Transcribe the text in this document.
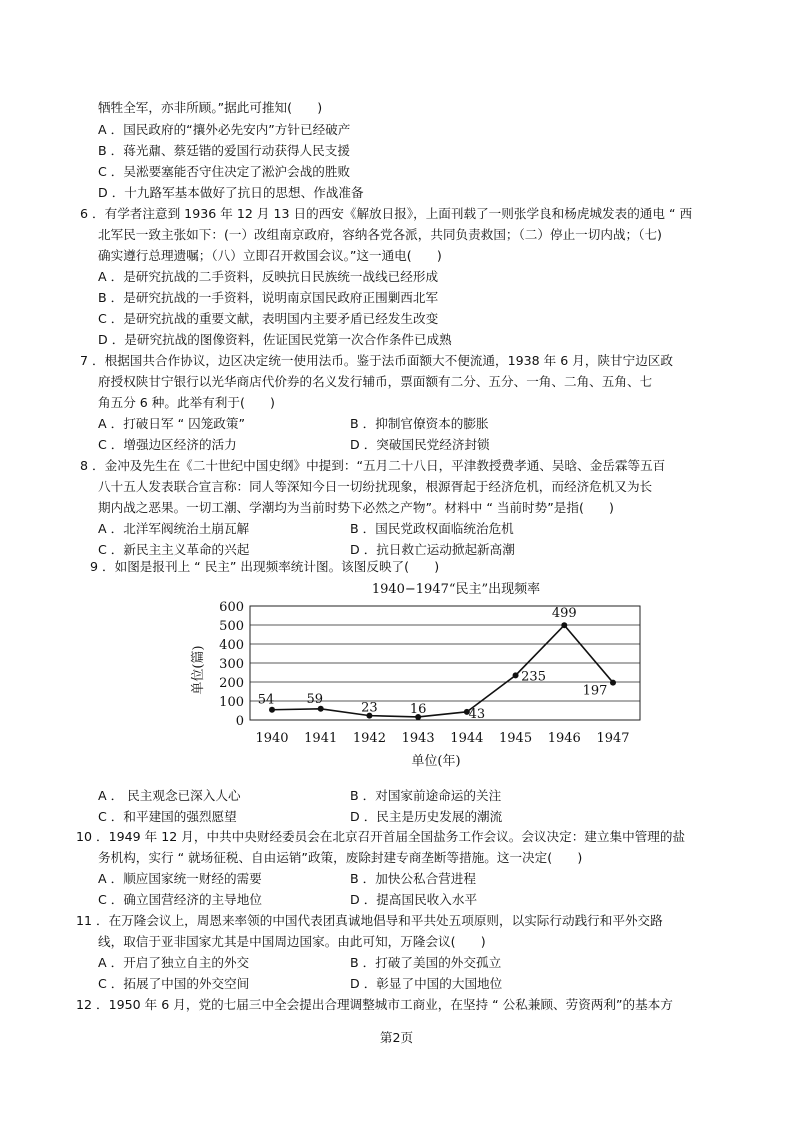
牺牲全军，亦非所顾。”据此可推知(　　)
A ．国民政府的“攘外必先安内”方针已经破产
B ．蒋光鼐、蔡廷锴的爱国行动获得人民支援
C ．吴淞要塞能否守住决定了淞沪会战的胜败
D ．十九路军基本做好了抗日的思想、作战准备
6 ．有学者注意到 1936 年 12 月 13 日的西安《解放日报》，上面刊载了一则张学良和杨虎城发表的通电 “ 西
北军民一致主张如下：(一）改组南京政府，容纳各党各派，共同负责救国；（二）停止一切内战；（七)
确实遵行总理遗嘱；（八）立即召开救国会议。”这一通电(　　)
A ．是研究抗战的二手资料，反映抗日民族统一战线已经形成
B ．是研究抗战的一手资料，说明南京国民政府正围剿西北军
C ．是研究抗战的重要文献，表明国内主要矛盾已经发生改变
D ．是研究抗战的图像资料，佐证国民党第一次合作条件已成熟
7 ．根据国共合作协议，边区决定统一使用法币。鉴于法币面额大不便流通，1938 年 6 月，陕甘宁边区政
府授权陕甘宁银行以光华商店代价券的名义发行辅币，票面额有二分、五分、一角、二角、五角、七
角五分 6 种。此举有利于(　　)
A ．打破日军 “ 囚笼政策”	B ．抑制官僚资本的膨胀
C ．增强边区经济的活力	D ．突破国民党经济封锁
8 ．金冲及先生在《二十世纪中国史纲》中提到：“五月二十八日，平津教授费孝通、吴晗、金岳霖等五百
八十五人发表联合宣言称：同人等深知今日一切纷扰现象，根源胥起于经济危机，而经济危机又为长
期内战之恶果。一切工潮、学潮均为当前时势下必然之产物”。材料中 “ 当前时势”是指(　　)
A ．北洋军阀统治土崩瓦解	B ．国民党政权面临统治危机
C ．新民主主义革命的兴起	D ．抗日救亡运动掀起新高潮
9 ．如图是报刊上 “ 民主” 出现频率统计图。该图反映了(　　)
1940−1947“民主”出现频率
0
100
200
300
400
500
600
1940 1941 1942 1943 1944 1945 1946 1947
54 59
23 16	43
235
499
197
单位(篇)
单位(年)
A ． 民主观念已深入人心	B ．对国家前途命运的关注
C ．和平建国的强烈愿望	D ．民主是历史发展的潮流
10 ．1949 年 12 月，中共中央财经委员会在北京召开首届全国盐务工作会议。会议决定：建立集中管理的盐
务机构，实行 “ 就场征税、自由运销”政策，废除封建专商垄断等措施。这一决定(　　)
A ．顺应国家统一财经的需要	B ．加快公私合营进程
C ．确立国营经济的主导地位	D ．提高国民收入水平
11 ．在万隆会议上，周恩来率领的中国代表团真诚地倡导和平共处五项原则，以实际行动践行和平外交路
线，取信于亚非国家尤其是中国周边国家。由此可知，万隆会议(　　)
A ．开启了独立自主的外交	B ．打破了美国的外交孤立
C ．拓展了中国的外交空间	D ．彰显了中国的大国地位
12 ．1950 年 6 月，党的七届三中全会提出合理调整城市工商业，在坚持 “ 公私兼顾、劳资两利”的基本方
第2页
